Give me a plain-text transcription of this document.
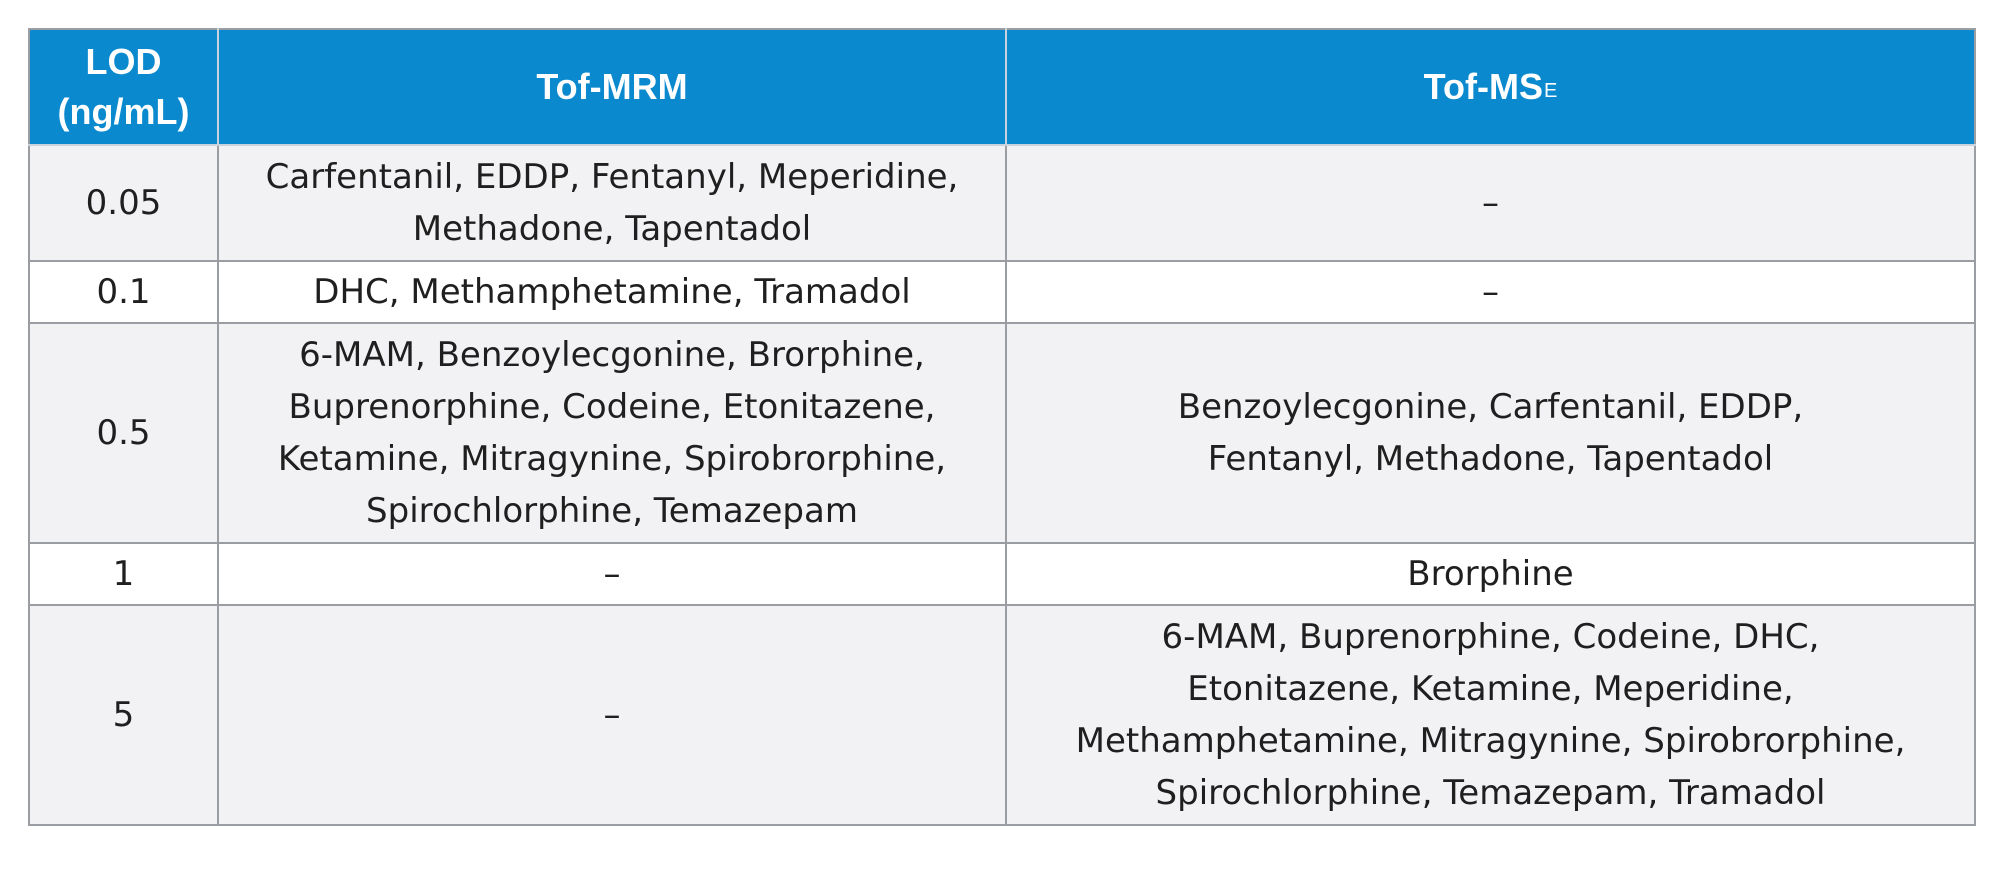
LOD
(ng/mL)	Tof-MRM	Tof-$MS^E$
0.05	Carfentanil, EDDP, Fentanyl, Meperidine,
Methadone, Tapentadol	–

0.1	DHC, Methamphetamine, Tramadol	–

0.5	6-MAM, Benzoylecgonine, Brorphine,
Buprenorphine, Codeine, Etonitazene,
Ketamine, Mitragynine, Spirobrorphine,
Spirochlorphine, Temazepam	Benzoylecgonine, Carfentanil, EDDP,
Fentanyl, Methadone, Tapentadol

1	–	Brorphine

5	–	6-MAM, Buprenorphine, Codeine, DHC,
Etonitazene, Ketamine, Meperidine,
Methamphetamine, Mitragynine, Spirobrorphine,
Spirochlorphine, Temazepam, Tramadol
